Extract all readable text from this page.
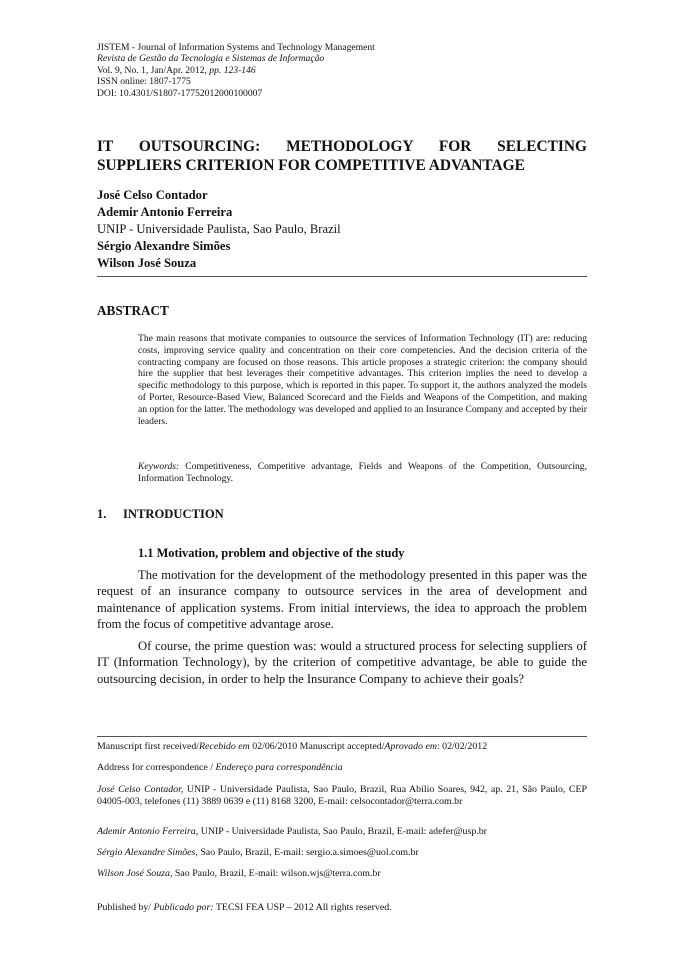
JISTEM - Journal of Information Systems and Technology Management
Revista de Gestão da Tecnologia e Sistemas de Informação
Vol. 9, No. 1, Jan/Apr. 2012, pp. 123-146
ISSN online: 1807-1775
DOI: 10.4301/S1807-17752012000100007
IT OUTSOURCING: METHODOLOGY FOR SELECTING
SUPPLIERS CRITERION FOR COMPETITIVE ADVANTAGE
José Celso Contador
Ademir Antonio Ferreira
UNIP - Universidade Paulista, Sao Paulo, Brazil
Sérgio Alexandre Simões
Wilson José Souza
ABSTRACT
The main reasons that motivate companies to outsource the services of Information Technology (IT) are: reducing costs, improving service quality and concentration on their core competencies. And the decision criteria of the contracting company are focused on those reasons. This article proposes a strategic criterion: the company should hire the supplier that best leverages their competitive advantages. This criterion implies the need to develop a specific methodology to this purpose, which is reported in this paper. To support it, the authors analyzed the models of Porter, Resource-Based View, Balanced Scorecard and the Fields and Weapons of the Competition, and making an option for the latter. The methodology was developed and applied to an Insurance Company and accepted by their leaders.
Keywords: Competitiveness, Competitive advantage, Fields and Weapons of the Competition, Outsourcing, Information Technology.
1. INTRODUCTION
1.1 Motivation, problem and objective of the study
The motivation for the development of the methodology presented in this paper was the request of an insurance company to outsource services in the area of development and maintenance of application systems. From initial interviews, the idea to approach the problem from the focus of competitive advantage arose.
Of course, the prime question was: would a structured process for selecting suppliers of IT (Information Technology), by the criterion of competitive advantage, be able to guide the outsourcing decision, in order to help the Insurance Company to achieve their goals?
Manuscript first received/Recebido em 02/06/2010 Manuscript accepted/Aprovado em: 02/02/2012
Address for correspondence / Endereço para correspondência
José Celso Contador, UNIP - Universidade Paulista, Sao Paulo, Brazil, Rua Abílio Soares, 942, ap. 21, São Paulo, CEP 04005-003, telefones (11) 3889 0639 e (11) 8168 3200, E-mail: celsocontador@terra.com.br
Ademir Antonio Ferreira, UNIP - Universidade Paulista, Sao Paulo, Brazil, E-mail: adefer@usp.br
Sérgio Alexandre Simões, Sao Paulo, Brazil, E-mail: sergio.a.simoes@uol.com.br
Wilson José Souza, Sao Paulo, Brazil, E-mail: wilson.wjs@terra.com.br
Published by/ Publicado por: TECSI FEA USP – 2012 All rights reserved.
